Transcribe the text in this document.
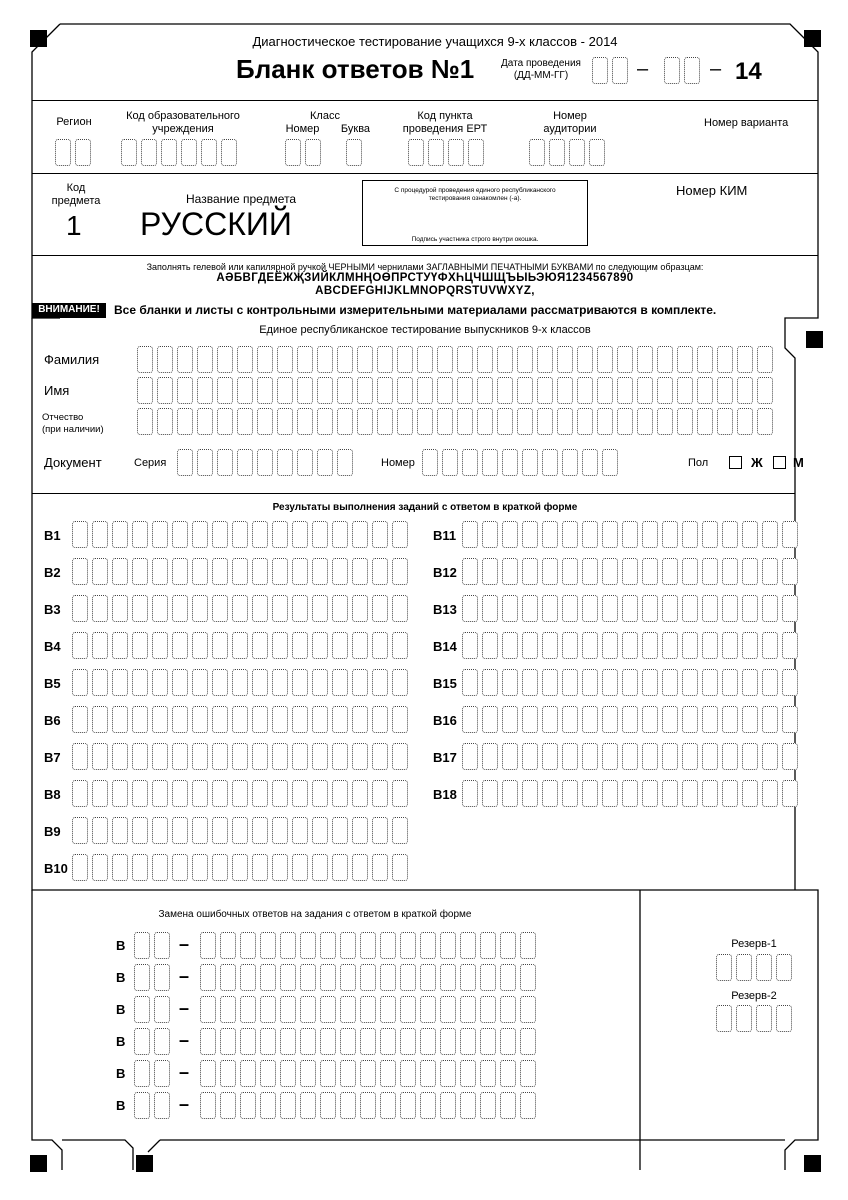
Диагностическое тестирование учащихся 9-х классов - 2014
Бланк ответов №1	Дата проведения
(ДД-ММ-ГГ)	–	– 14
Регион	Код образовательного учреждения
Класс
Номер	Буква
Код пункта проведения ЕРТ
Номер аудитории	Номер варианта
Код предмета
1
Название предмета
РУССКИЙ
С процедурой проведения единого республиканского тестирования ознакомлен (-а).
Подпись участника строго внутри окошка.
Номер КИМ
Заполнять гелевой или капилярной ручкой ЧЕРНЫМИ чернилами ЗАГЛАВНЫМИ ПЕЧАТНЫМИ БУКВАМИ по следующим образцам:
АӘБВГДЕЁЖҖЗИЙКЛМНҢОӨПРСТУҮФХҺЦЧШЩЪЫЬЭЮЯ1234567890
ABCDEFGHIJKLMNOPQRSTUVWXYZ,
ВНИМАНИЕ!	Все бланки и листы с контрольными измерительными материалами рассматриваются в комплекте.
Единое республиканское тестирование выпускников 9-х классов
Фамилия
Имя
Отчество
(при наличии)
Документ	Серия	Номер	Пол	Ж М
Результаты выполнения заданий с ответом в краткой форме
B1
B2
B3
B4
B5
B6
B7
B8
B9
B10
B11
B12
B13
B14
B15
B16
B17
B18
Замена ошибочных ответов на задания с ответом в краткой форме
B	–
B	–
B	–
B	–
B	–
B	–
Резерв-1
Резерв-2
